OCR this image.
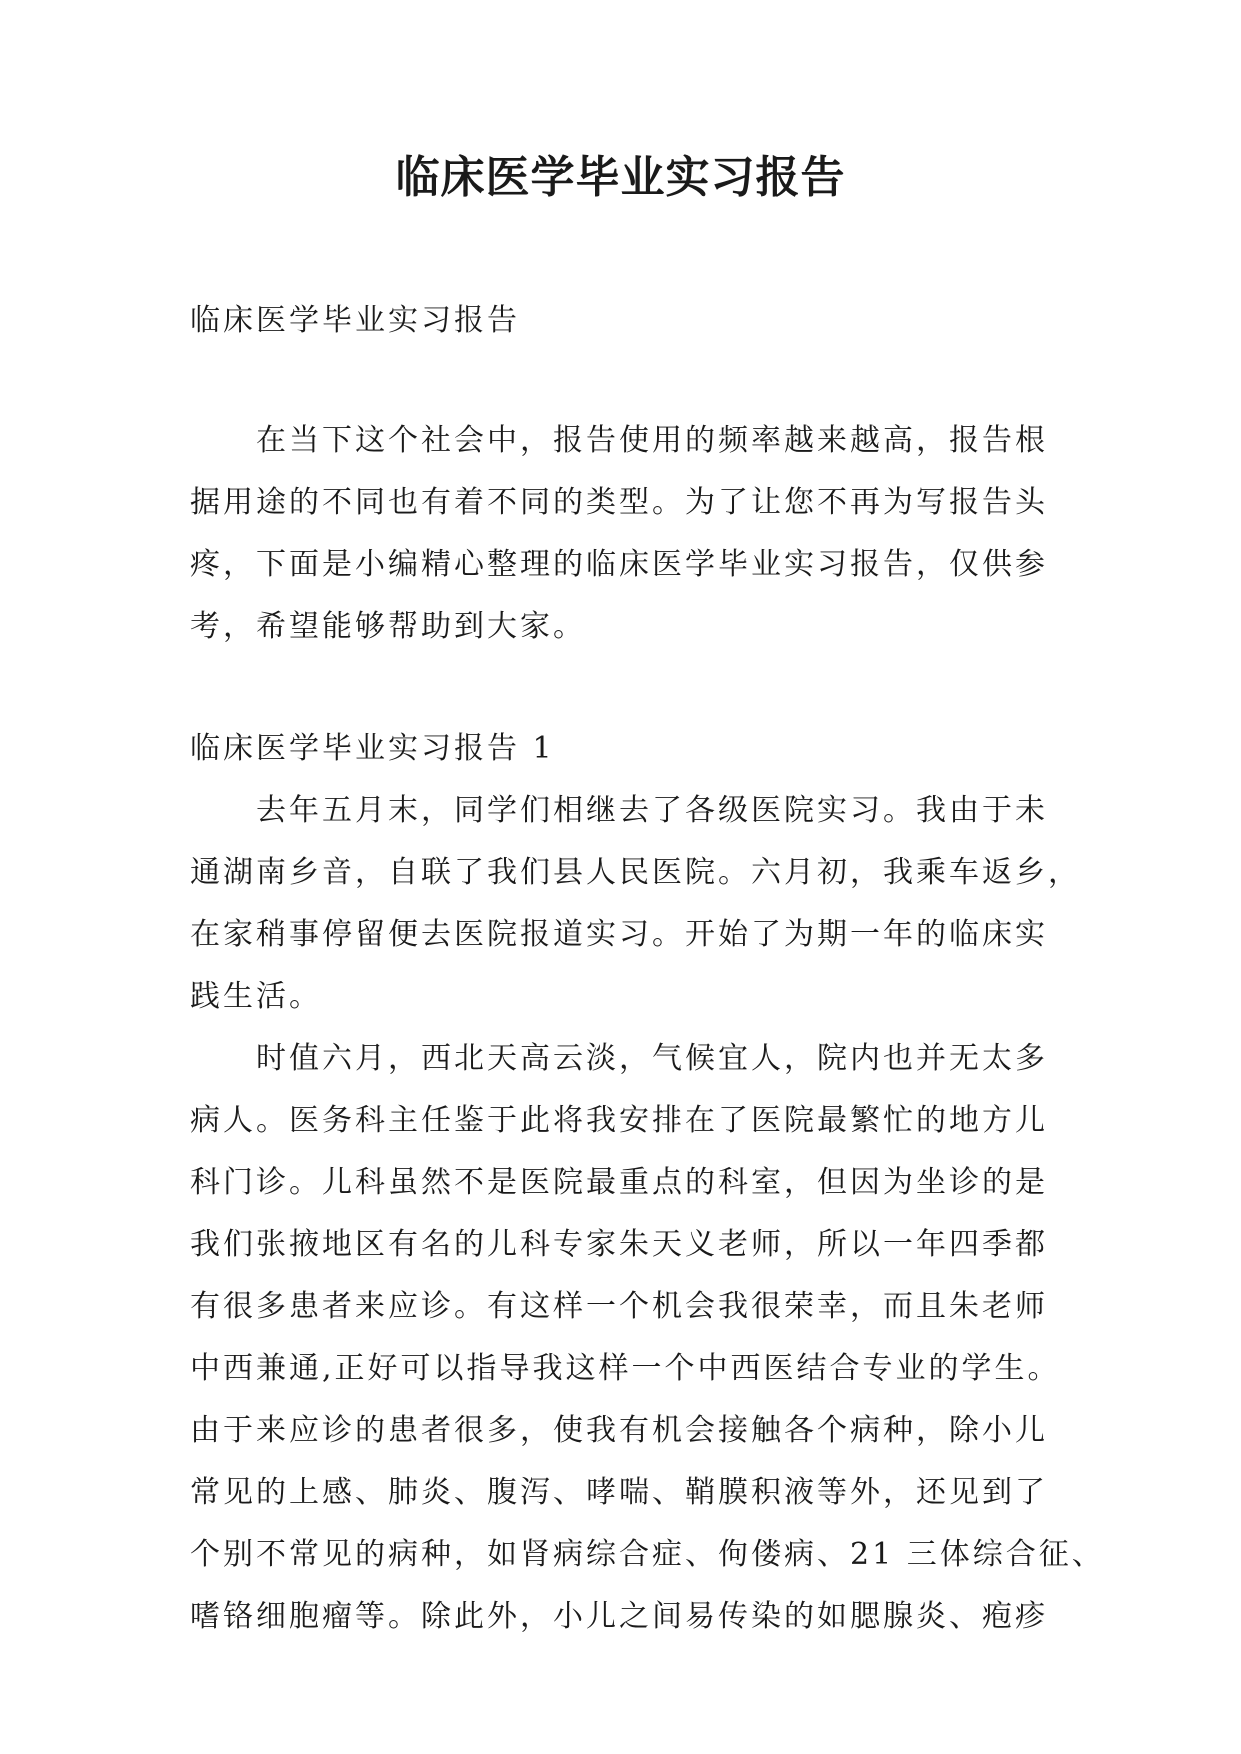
临床医学毕业实习报告

临床医学毕业实习报告

　　在当下这个社会中，报告使用的频率越来越高，报告根

据用途的不同也有着不同的类型。为了让您不再为写报告头

疼，下面是小编精心整理的临床医学毕业实习报告，仅供参

考，希望能够帮助到大家。

临床医学毕业实习报告 1

　　去年五月末，同学们相继去了各级医院实习。我由于未

通湖南乡音，自联了我们县人民医院。六月初，我乘车返乡，

在家稍事停留便去医院报道实习。开始了为期一年的临床实

践生活。

　　时值六月，西北天高云淡，气候宜人，院内也并无太多

病人。医务科主任鉴于此将我安排在了医院最繁忙的地方儿

科门诊。儿科虽然不是医院最重点的科室，但因为坐诊的是

我们张掖地区有名的儿科专家朱天义老师，所以一年四季都

有很多患者来应诊。有这样一个机会我很荣幸，而且朱老师

中西兼通,正好可以指导我这样一个中西医结合专业的学生。

由于来应诊的患者很多，使我有机会接触各个病种，除小儿

常见的上感、肺炎、腹泻、哮喘、鞘膜积液等外，还见到了

个别不常见的病种，如肾病综合症、佝偻病、21 三体综合征、

嗜铬细胞瘤等。除此外，小儿之间易传染的如腮腺炎、疱疹
